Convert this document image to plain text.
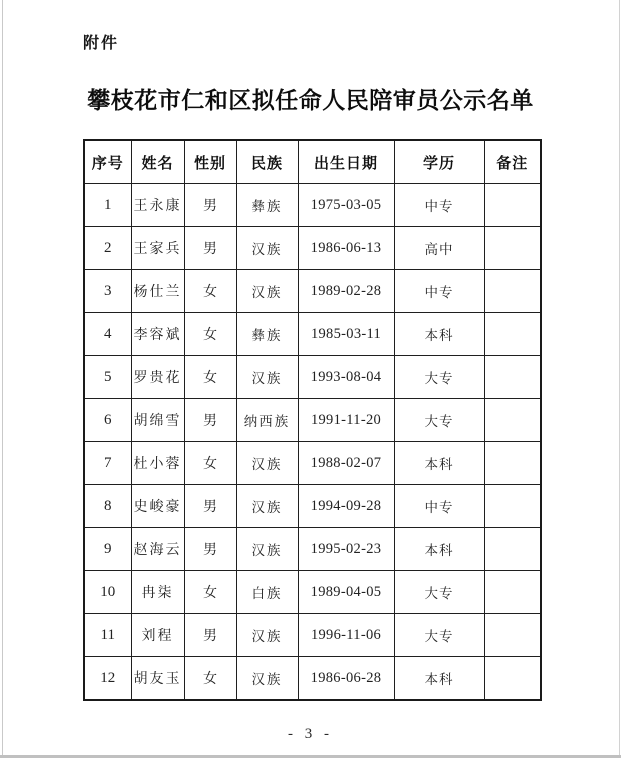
附件
攀枝花市仁和区拟任命人民陪审员公示名单
序号	姓名	性别	民族	出生日期	学历	备注
1	王永康	男	彝族	1975-03-05	中专	
2	王家兵	男	汉族	1986-06-13	高中	
3	杨仕兰	女	汉族	1989-02-28	中专	
4	李容斌	女	彝族	1985-03-11	本科	
5	罗贵花	女	汉族	1993-08-04	大专	
6	胡绵雪	男	纳西族	1991-11-20	大专	
7	杜小蓉	女	汉族	1988-02-07	本科	
8	史峻豪	男	汉族	1994-09-28	中专	
9	赵海云	男	汉族	1995-02-23	本科	
10	冉柒	女	白族	1989-04-05	大专	
11	刘程	男	汉族	1996-11-06	大专	
12	胡友玉	女	汉族	1986-06-28	本科	
- 3 -
